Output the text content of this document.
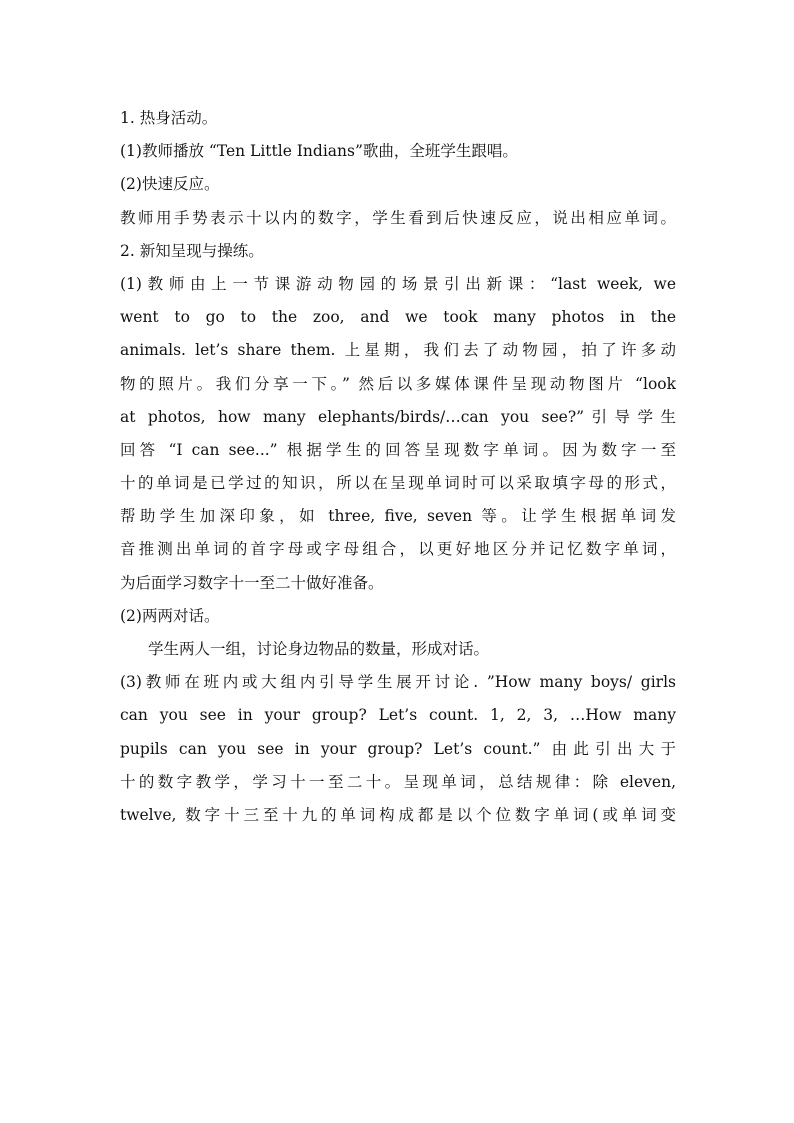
1. 热身活动。
(1)教师播放 “Ten Little Indians”歌曲，全班学生跟唱。
(2)快速反应。
教师用手势表示十以内的数字，学生看到后快速反应，说出相应单词。
2. 新知呈现与操练。
(1)教师由上一节课游动物园的场景引出新课：“last week, we
went to go to the zoo, and we took many photos in the
animals. let’s share them. 上星期，我们去了动物园，拍了许多动
物的照片。我们分享一下。” 然后以多媒体课件呈现动物图片 “look
at photos, how many elephants/birds/…can you see?”引导学生
回答 “I can see...” 根据学生的回答呈现数字单词。因为数字一至
十的单词是已学过的知识，所以在呈现单词时可以采取填字母的形式，
帮助学生加深印象，如 three, five, seven 等。让学生根据单词发
音推测出单词的首字母或字母组合，以更好地区分并记忆数字单词，
为后面学习数字十一至二十做好准备。
(2)两两对话。
学生两人一组，讨论身边物品的数量，形成对话。
(3)教师在班内或大组内引导学生展开讨论. ”How many boys/ girls
can you see in your group? Let’s count. 1, 2, 3, …How many
pupils can you see in your group? Let’s count.” 由此引出大于
十的数字教学，学习十一至二十。呈现单词，总结规律：除 eleven,
twelve, 数字十三至十九的单词构成都是以个位数字单词(或单词变
